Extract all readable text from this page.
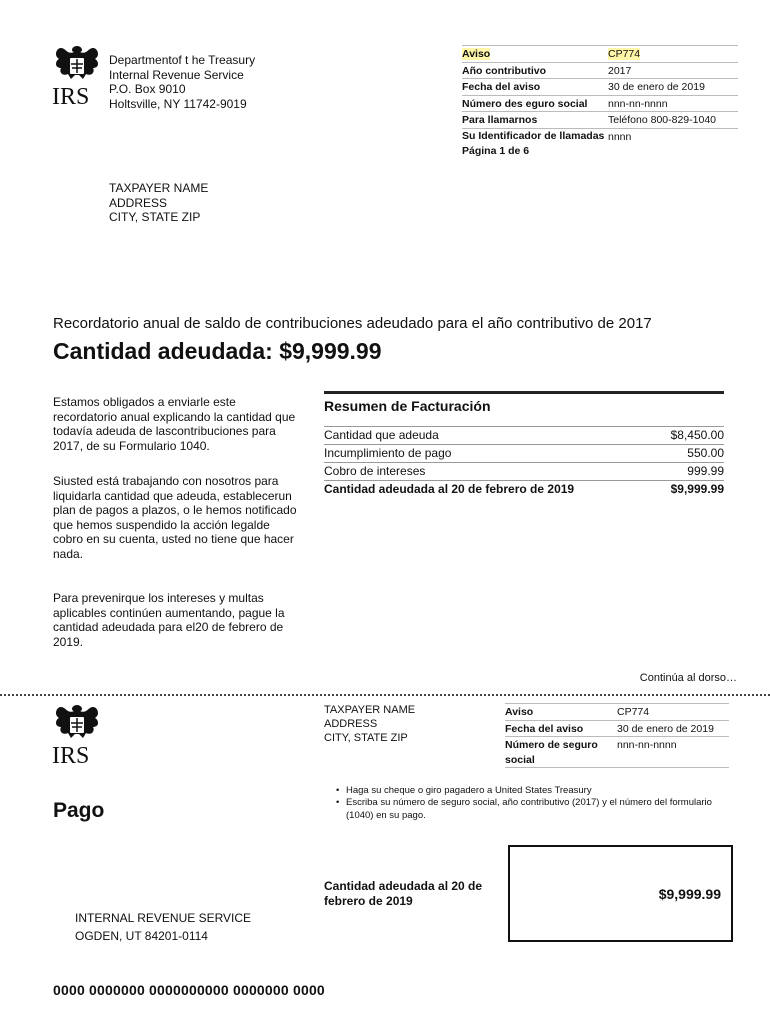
IRS
Departmentof t he Treasury
Internal Revenue Service
P.O. Box 9010
Holtsville, NY 11742-9019
Aviso	CP774
Año contributivo	2017
Fecha del aviso	30 de enero de 2019
Número des eguro social	nnn-nn-nnnn
Para llamarnos	Teléfono 800-829-1040
Su Identificador de llamadas nnnn
Página 1 de 6
TAXPAYER NAME
ADDRESS
CITY, STATE ZIP
Recordatorio anual de saldo de contribuciones adeudado para el año contributivo de 2017
Cantidad adeudada: $9,999.99
Estamos obligados a enviarle este recordatorio anual explicando la cantidad que todavía adeuda de lascontribuciones para 2017, de su Formulario 1040.
Siusted está trabajando con nosotros para liquidarla cantidad que adeuda, establecerun plan de pagos a plazos, o le hemos notificado que hemos suspendido la acción legalde cobro en su cuenta, usted no tiene que hacer nada.
Para prevenirque los intereses y multas aplicables continúen aumentando, pague la cantidad adeudada para el20 de febrero de 2019.
Resumen de Facturación
Cantidad que adeuda	$8,450.00
Incumplimiento de pago	550.00
Cobro de intereses	999.99
Cantidad adeudada al 20 de febrero de 2019	$9,999.99
Continúa al dorso…
IRS
TAXPAYER NAME
ADDRESS
CITY, STATE ZIP
Aviso	CP774
Fecha del aviso	30 de enero de 2019
Número de seguro social
nnn-nn-nnnn
Pago
• Haga su cheque o giro pagadero a United States Treasury
• Escriba su número de seguro social, año contributivo (2017) y el número del formulario (1040) en su pago.
Cantidad adeudada al 20 de febrero de 2019	$9,999.99
INTERNAL REVENUE SERVICE
OGDEN, UT 84201-0114
0000 0000000 0000000000 0000000 0000
